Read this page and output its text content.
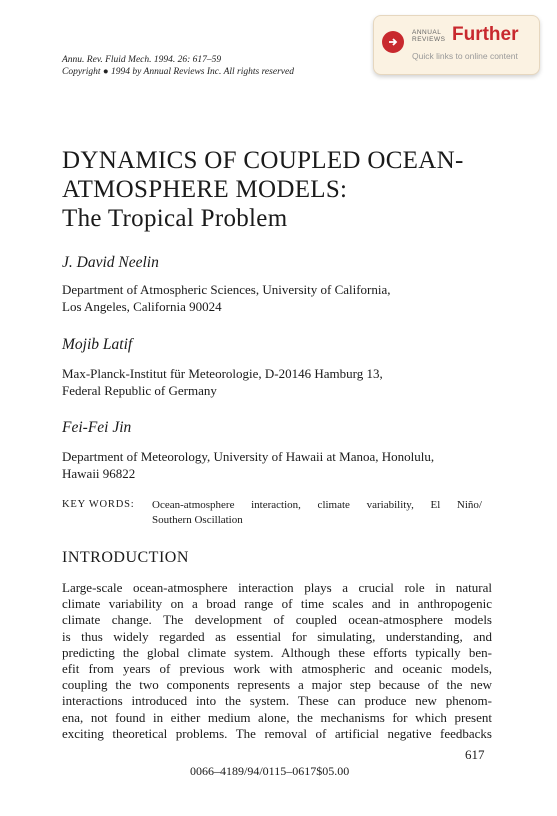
Annu. Rev. Fluid Mech. 1994. 26: 617–59
Copyright ● 1994 by Annual Reviews Inc. All rights reserved
ANNUAL
REVIEWS Further
Quick links to online content
DYNAMICS OF COUPLED OCEAN-
ATMOSPHERE MODELS:
The Tropical Problem
J. David Neelin
Department of Atmospheric Sciences, University of California,
Los Angeles, California 90024
Mojib Latif
Max-Planck-Institut für Meteorologie, D-20146 Hamburg 13,
Federal Republic of Germany
Fei-Fei Jin
Department of Meteorology, University of Hawaii at Manoa, Honolulu,
Hawaii 96822
KEY WORDS: Ocean-atmosphere interaction, climate variability, El Niño/
Southern Oscillation
INTRODUCTION
Large-scale ocean-atmosphere interaction plays a crucial role in natural
climate variability on a broad range of time scales and in anthropogenic
climate change. The development of coupled ocean-atmosphere models
is thus widely regarded as essential for simulating, understanding, and
predicting the global climate system. Although these efforts typically ben-
efit from years of previous work with atmospheric and oceanic models,
coupling the two components represents a major step because of the new
interactions introduced into the system. These can produce new phenom-
ena, not found in either medium alone, the mechanisms for which present
exciting theoretical problems. The removal of artificial negative feedbacks
617
0066–4189/94/0115–0617$05.00
